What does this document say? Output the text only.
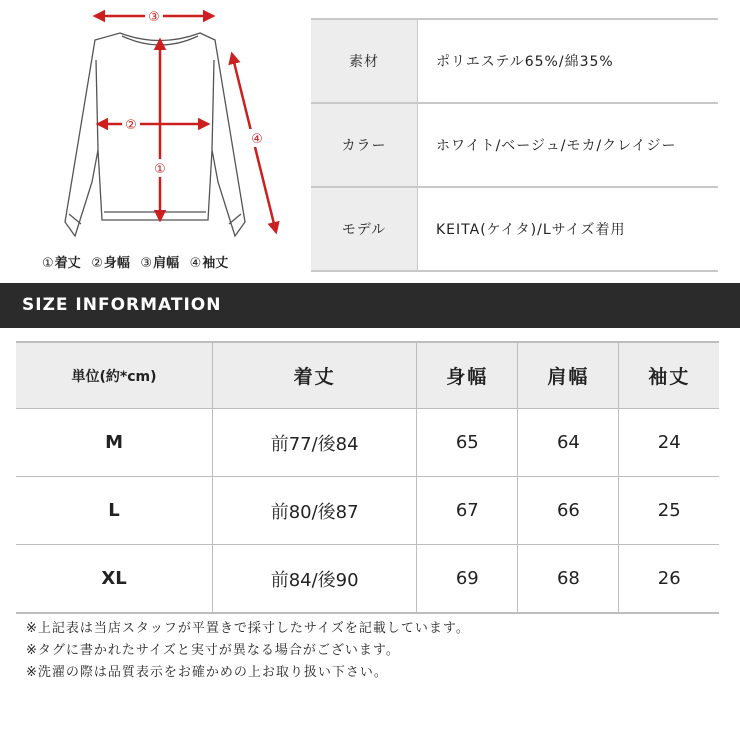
③
②
①
④
①着丈 ②身幅 ③肩幅 ④袖丈
素材	ポリエステル65%/綿35%
カラー	ホワイト/ベージュ/モカ/クレイジー
モデル	KEITA(ケイタ)/Lサイズ着用
SIZE INFORMATION
単位(約*cm)	着丈	身幅	肩幅	袖丈
M	前77/後84	65	64	24
L	前80/後87	67	66	25
XL	前84/後90	69	68	26
※上記表は当店スタッフが平置きで採寸したサイズを記載しています。
※タグに書かれたサイズと実寸が異なる場合がございます。
※洗濯の際は品質表示をお確かめの上お取り扱い下さい。
